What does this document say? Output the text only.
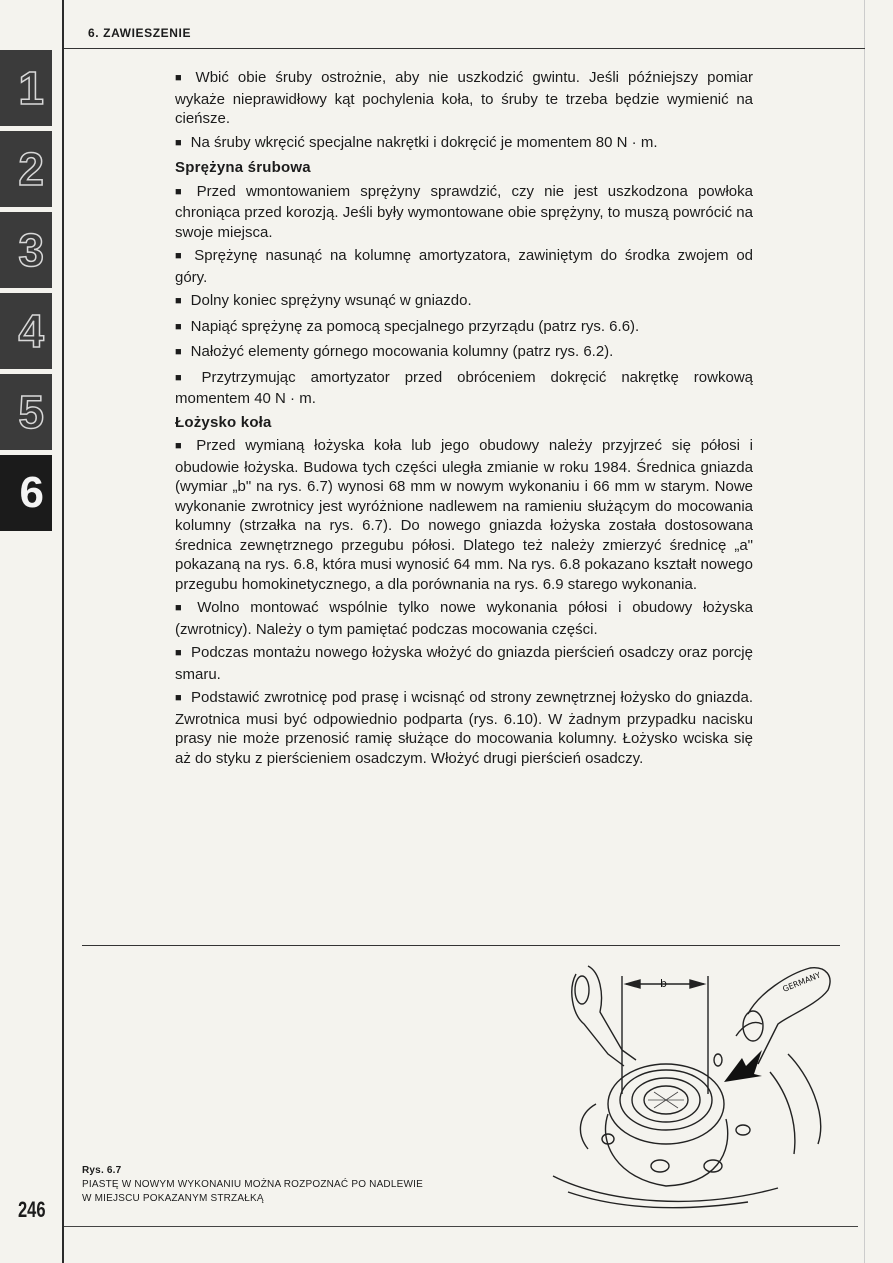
6. ZAWIESZENIE
1
2
3
4
5
6

■ Wbić obie śruby ostrożnie, aby nie uszkodzić gwintu. Jeśli późniejszy pomiar wykaże nieprawidłowy kąt pochylenia koła, to śruby te trzeba będzie wymienić na cieńsze.

■ Na śruby wkręcić specjalne nakrętki i dokręcić je momentem 80 N · m.

Sprężyna śrubowa

■ Przed wmontowaniem sprężyny sprawdzić, czy nie jest uszkodzona powłoka chroniąca przed korozją. Jeśli były wymontowane obie sprężyny, to muszą powrócić na swoje miejsca.

■ Sprężynę nasunąć na kolumnę amortyzatora, zawiniętym do środka zwojem od góry.

■ Dolny koniec sprężyny wsunąć w gniazdo.

■ Napiąć sprężynę za pomocą specjalnego przyrządu (patrz rys. 6.6).

■ Nałożyć elementy górnego mocowania kolumny (patrz rys. 6.2).

■ Przytrzymując amortyzator przed obróceniem dokręcić nakrętkę rowkową momentem 40 N · m.

Łożysko koła

■ Przed wymianą łożyska koła lub jego obudowy należy przyjrzeć się półosi i obudowie łożyska. Budowa tych części uległa zmianie w roku 1984. Średnica gniazda (wymiar „b" na rys. 6.7) wynosi 68 mm w nowym wykonaniu i 66 mm w starym. Nowe wykonanie zwrotnicy jest wyróżnione nadlewem na ramieniu służącym do mocowania kolumny (strzałka na rys. 6.7). Do nowego gniazda łożyska została dostosowana średnica zewnętrznego przegubu półosi. Dlatego też należy zmierzyć średnicę „a" pokazaną na rys. 6.8, która musi wynosić 64 mm. Na rys. 6.8 pokazano kształt nowego przegubu homokinetycznego, a dla porównania na rys. 6.9 starego wykonania.

■ Wolno montować wspólnie tylko nowe wykonania półosi i obudowy łożyska (zwrotnicy). Należy o tym pamiętać podczas mocowania części.

■ Podczas montażu nowego łożyska włożyć do gniazda pierścień osadczy oraz porcję smaru.

■ Podstawić zwrotnicę pod prasę i wcisnąć od strony zewnętrznej łożysko do gniazda. Zwrotnica musi być odpowiednio podparta (rys. 6.10). W żadnym przypadku nacisku prasy nie może przenosić ramię służące do mocowania kolumny. Łożysko wciska się aż do styku z pierścieniem osadczym. Włożyć drugi pierścień osadczy.

b	GERMANY
Rys. 6.7
PIASTĘ W NOWYM WYKONANIU MOŻNA ROZPOZNAĆ PO NADLEWIE
W MIEJSCU POKAZANYM STRZAŁKĄ
246
